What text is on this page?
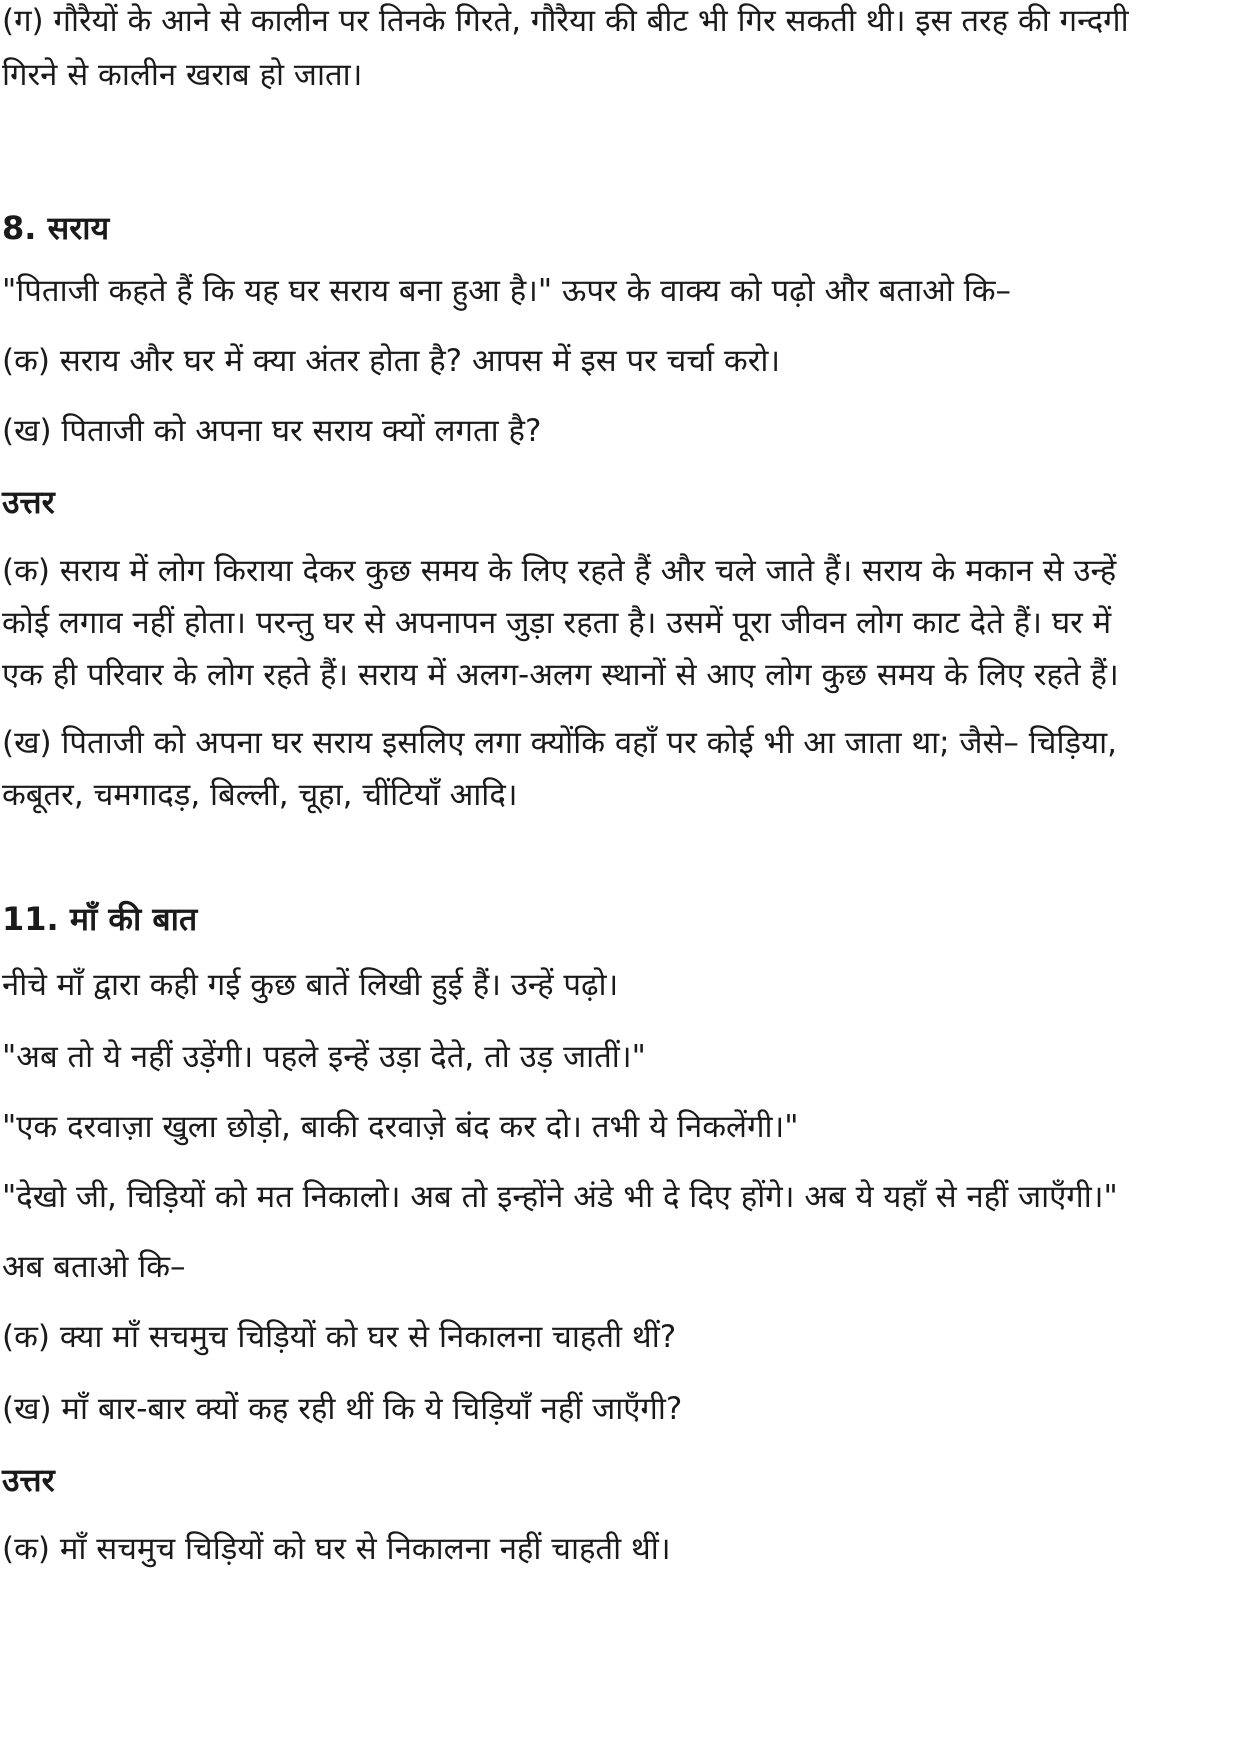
(ग) गौरैयों के आने से कालीन पर तिनके गिरते, गौरैया की बीट भी गिर सकती थी। इस तरह की गन्दगी

गिरने से कालीन खराब हो जाता।

8. सराय

"पिताजी कहते हैं कि यह घर सराय बना हुआ है।" ऊपर के वाक्य को पढ़ो और बताओ कि–

(क) सराय और घर में क्या अंतर होता है? आपस में इस पर चर्चा करो।

(ख) पिताजी को अपना घर सराय क्यों लगता है?

उत्तर

(क) सराय में लोग किराया देकर कुछ समय के लिए रहते हैं और चले जाते हैं। सराय के मकान से उन्हें

कोई लगाव नहीं होता। परन्तु घर से अपनापन जुड़ा रहता है। उसमें पूरा जीवन लोग काट देते हैं। घर में

एक ही परिवार के लोग रहते हैं। सराय में अलग-अलग स्थानों से आए लोग कुछ समय के लिए रहते हैं।

(ख) पिताजी को अपना घर सराय इसलिए लगा क्योंकि वहाँ पर कोई भी आ जाता था; जैसे– चिड़िया,

कबूतर, चमगादड़, बिल्ली, चूहा, चींटियाँ आदि।

11. माँ की बात

नीचे माँ द्वारा कही गई कुछ बातें लिखी हुई हैं। उन्हें पढ़ो।

"अब तो ये नहीं उड़ेंगी। पहले इन्हें उड़ा देते, तो उड़ जातीं।"

"एक दरवाज़ा खुला छोड़ो, बाकी दरवाज़े बंद कर दो। तभी ये निकलेंगी।"

"देखो जी, चिड़ियों को मत निकालो। अब तो इन्होंने अंडे भी दे दिए होंगे। अब ये यहाँ से नहीं जाएँगी।"

अब बताओ कि–

(क) क्या माँ सचमुच चिड़ियों को घर से निकालना चाहती थीं?

(ख) माँ बार-बार क्यों कह रही थीं कि ये चिड़ियाँ नहीं जाएँगी?

उत्तर

(क) माँ सचमुच चिड़ियों को घर से निकालना नहीं चाहती थीं।
